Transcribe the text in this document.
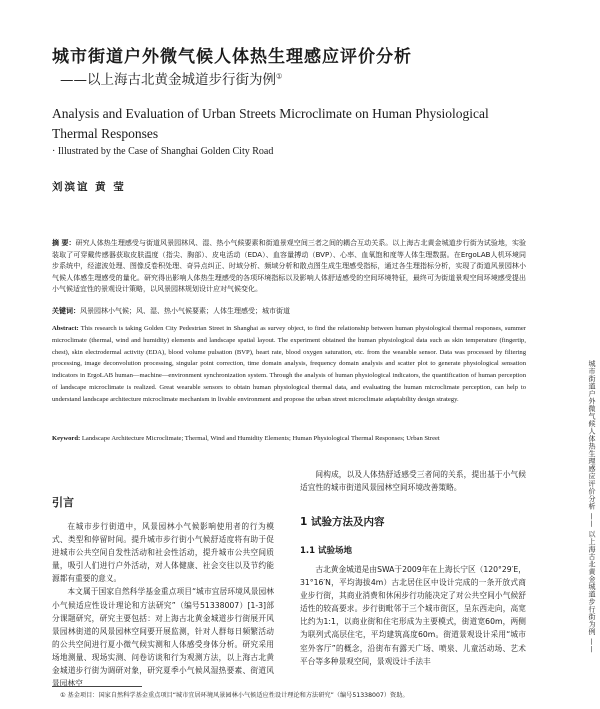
城市街道户外微气候人体热生理感应评价分析
——以上海古北黄金城道步行街为例①
Analysis and Evaluation of Urban Streets Microclimate on Human Physiological Thermal Responses
· Illustrated by the Case of Shanghai Golden City Road
刘滨谊 黄 莹
摘 要：研究人体热生理感受与街道风景园林风、湿、热小气候要素和街道景观空间三者之间的耦合互动关系。以上海古北黄金城道步行街为试验地，实验装取了可穿戴传感器获取皮肤温度（指尖、胸部）、皮电活动（EDA）、血容量搏动（BVP）、心率、血氧饱和度等人体生理数据。在ErgoLAB人机环境同步系统中，经滤波处理、图像反卷积处理、奇异点纠正、时域分析、频域分析和散点图生成生理感受指标，通过各生理指标分析，实现了街道风景园林小气候人体感生理感受的量化。研究得出影响人体热生理感受的各项环境指标以及影响人体舒适感受的空间环境特征，最终可为街道景观空间环境感受提出小气候适宜性的景观设计策略，以风景园林规划设计应对气候变化。
关键词：风景园林小气候；风、湿、热小气候要素；人体生理感受；城市街道
Abstract: This research is taking Golden City Pedestrian Street in Shanghai as survey object, to find the relationship between human physiological thermal responses, summer microclimate (thermal, wind and humidity) elements and landscape spatial layout. The experiment obtained the human physiological data such as skin temperature (fingertip, chest), skin electrodermal activity (EDA), blood volume pulsation (BVP), heart rate, blood oxygen saturation, etc. from the wearable sensor. Data was processed by filtering processing, image deconvolution processing, singular point correction, time domain analysis, frequency domain analysis and scatter plot to generate physiological sensation indicators in ErgoLAB human—machine—environment synchronization system. Through the analysis of human physiological indicators, the quantification of human perception of landscape microclimate is realized. Great wearable sensors to obtain human physiological thermal data, and evaluating the human microclimate perception, can help to understand landscape architecture microclimate mechanism in livable environment and propose the urban street microclimate adaptability design strategy.
Keyword: Landscape Architecture Microclimate; Thermal, Wind and Humidity Elements; Human Physiological Thermal Responses; Urban Street
引言

在城市步行街道中，风景园林小气候影响使用者的行为模式、类型和停留时间。提升城市步行街小气候舒适度将有助于促进城市公共空间自发性活动和社会性活动，提升城市公共空间质量，吸引人们进行户外活动，对人体健康、社会交往以及节约能源都有重要的意义。

本文属于国家自然科学基金重点项目“城市宜居环境风景园林小气候适应性设计理论和方法研究”（编号51338007）[1-3]部分课题研究，研究主要包括：对上海古北黄金城道步行街展开风景园林街道的风景园林空间要开展监测，针对人群每日频繁活动的公共空间进行夏小微气候实测和人体感受身体分析。研究采用场地测量、现场实测、问卷访谈和行为观测方法，以上海古北黄金城道步行街为调研对象，研究夏季小气候风湿热要素、街道风景园林空

间构成，以及人体热舒适感受三者间的关系，提出基于小气候适宜性的城市街道风景园林空间环境改善策略。

1 试验方法及内容
1.1 试验场地

古北黄金城道是由SWA于2009年在上海长宁区（120°29′E，31°16′N，平均海拔4m）古北居住区中设计完成的一条开放式商业步行街，其商业消费和休闲步行功能决定了对公共空间小气候舒适性的较高要求。步行街毗邻于三个城市街区，呈东西走向，高宽比约为1:1，以商业街和住宅形成为主要模式，街道宽60m，两侧为联列式高层住宅，平均建筑高度60m。街道景观设计采用“城市室外客厅”的概念，沿街布有露天广场、喷泉、儿童活动场、艺术平台等多种景观空间，景观设计手法丰

① 基金项目：国家自然科学基金重点项目“城市宜居环境风景园林小气候适应性设计理论和方法研究”（编号51338007）资助。
城市街道户外微气候人体热生理感应评价分析 —— 以上海古北黄金城道步行街为例 ——
